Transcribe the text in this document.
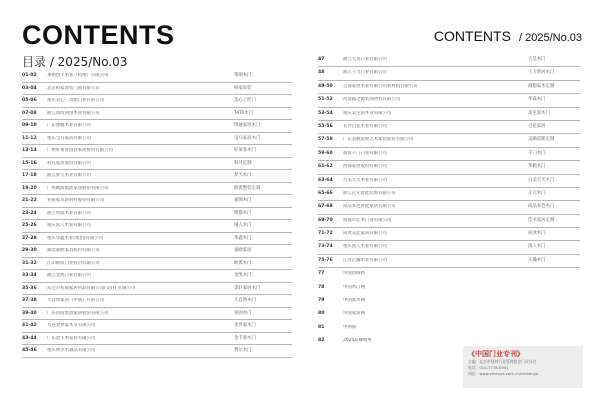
CONTENTS
目录 / 2025/No.03
CONTENTS / 2025/No.03
01-02	莱朗西卡木业（杭州）有限公司	莱朗木门
03-04	北京柏家原装门窗有限公司	柏家原装
05-06	重庆美心・贵派门业有限公司	美心工匠门
07-08	浙江鸿辉同创木业有限公司	TATA木门
09-10	广东博通木业有限公司	博通家居木门
11-12	重庆宝马家居有限公司	宝马家居木门
13-14	广州好莱客创意家居股份有限公司	好莱客木门
15-16	科凡家居股份有限公司	科凡定制
17-18	浙江梦天木业有限公司	梦天木门
19-20	广州欧派集团家居股份有限公司	欧派整装定制
21-22	亚振家具新材料股份有限公司	嘉图木门
23-24	浙江明都木业有限公司	明都木门
25-26	重庆国人木业有限公司	国人木门
27-28	重庆华鑫木业(集团)有限公司	华鑫木门
29-30	湖北嘉欧家具股份有限公司	嘉欧家居
31-32	江山欧派门业股份有限公司	欧派木门
33-34	浙江金凯门业有限公司	金凯木门
35-36	东莞市兆福家居用品有限公司(美轩) 有限公司	美轩家居木门
37-38	大自然家居（中国）有限公司	大自然木门
39-40	广东顶固集创家居股份有限公司	顶固木门
41-42	大连金世家木业有限公司	金世家木门
43-44	广东金卡奥家居有限公司	金卡奥木门
45-46	重庆费尔木制品有限公司	费尔木门
47	浙江天昊门业有限公司	天昊木门
48	浙江王力门业有限公司	王力新居木门
49-50	云南家居木业有限公司新材料有限公司	滇想家木定制
51-52	河南森之源装饰材料有限公司	华森木门
53-54	重庆美生彩木业有限公司	美生彩木门
55-56	长沙百花木业有限公司	百花家居
57-58	广东美顺雷斯艺术家居股份有限公司	美顺雷斯定制
59-60	浦发千门门业有限公司	千门木门
61-62	西部家居股份有限公司	华鹤木门
63-64	百美天天木业有限公司	百美天天木门
65-66	浙江正元智能装饰有限公司	正元木门
67-68	尚品本色智能家居有限公司	尚品本色木门
69-70	成都市佳木门业有限公司	佳木家居定制
71-72	尚冰美佳家居有限公司	尚冰木门
73-74	重庆国人木业有限公司	国人木门
75-76	江苏正瀚木业有限公司	正瀚木门
77	中国热线榜
78	中国木门网
79	中国家木网
80	中国家居网
81	中网商
82	2025品牌榜单
《中国门业专刊》
主编：北京市建材行业管理协会门业分会
电话：010-7778-0001
网址：www.zmenye.com.cn/cnmenye
